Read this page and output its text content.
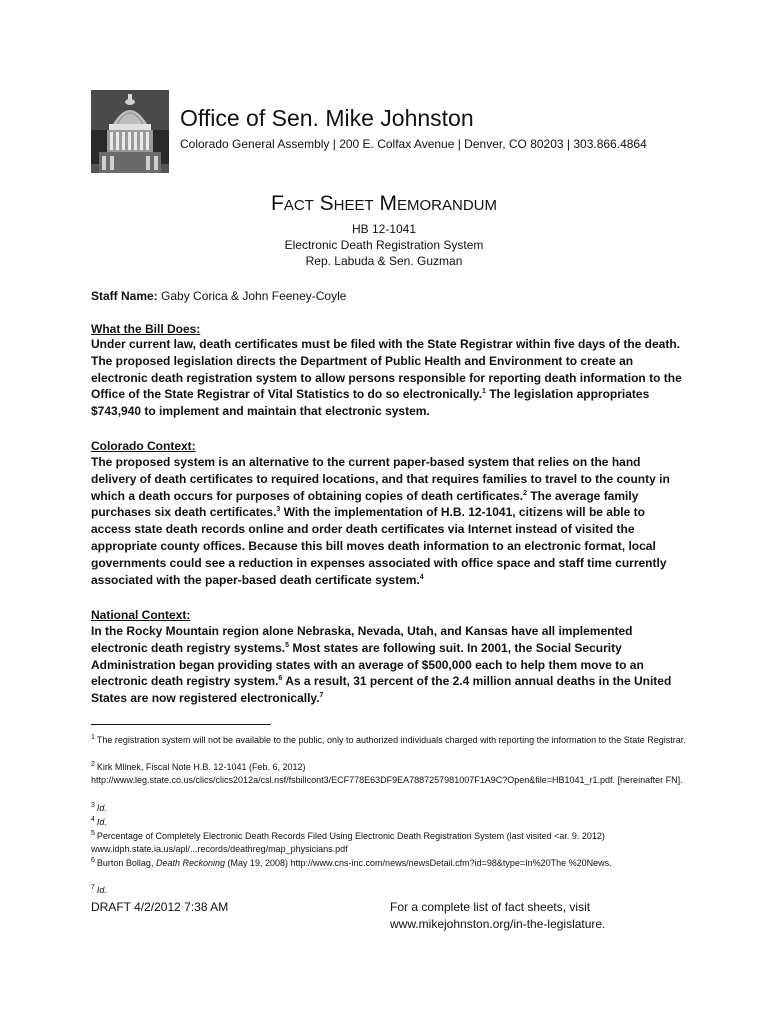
Office of Sen. Mike Johnston
Colorado General Assembly | 200 E. Colfax Avenue | Denver, CO 80203 | 303.866.4864
Fact Sheet Memorandum
HB 12-1041
Electronic Death Registration System
Rep. Labuda & Sen. Guzman
Staff Name: Gaby Corica & John Feeney-Coyle
What the Bill Does:

Under current law, death certificates must be filed with the State Registrar within five days of the death. The proposed legislation directs the Department of Public Health and Environment to create an electronic death registration system to allow persons responsible for reporting death information to the Office of the State Registrar of Vital Statistics to do so electronically.$^1$ The legislation appropriates $743,940 to implement and maintain that electronic system.

Colorado Context:

The proposed system is an alternative to the current paper-based system that relies on the hand delivery of death certificates to required locations, and that requires families to travel to the county in which a death occurs for purposes of obtaining copies of death certificates.$^2$ The average family purchases six death certificates.$^3$ With the implementation of H.B. 12-1041, citizens will be able to access state death records online and order death certificates via Internet instead of visited the appropriate county offices. Because this bill moves death information to an electronic format, local governments could see a reduction in expenses associated with office space and staff time currently associated with the paper-based death certificate system.$^4$

National Context:

In the Rocky Mountain region alone Nebraska, Nevada, Utah, and Kansas have all implemented electronic death registry systems.$^5$ Most states are following suit. In 2001, the Social Security Administration began providing states with an average of $500,000 each to help them move to an electronic death registry system.$^6$ As a result, 31 percent of the 2.4 million annual deaths in the United States are now registered electronically.$^7$

$^1$ The registration system will not be available to the public, only to authorized individuals charged with reporting the information to the State Registrar.

$^2$ Kirk Mlinek, Fiscal Note H.B. 12-1041 (Feb. 6, 2012) http://www.leg.state.co.us/clics/clics2012a/csl.nsf/fsbillcont3/ECF778E63DF9EA7887257981007F1A9C?Open&file=HB1041_r1.pdf. [hereinafter FN].

$^3$ Id.

$^4$ Id.

$^5$ Percentage of Completely Electronic Death Records Filed Using Electronic Death Registration System (last visited <ar. 9. 2012) www.idph.state.ia.us/apl/...records/deathreg/map_physicians.pdf

$^6$ Burton Bollag, Death Reckoning (May 19, 2008) http://www.cns-inc.com/news/newsDetail.cfm?id=98&type=In%20The %20News.

$^7$ Id.

DRAFT 4/2/2012 7:38 AM	For a complete list of fact sheets, visit
www.mikejohnston.org/in-the-legislature.
